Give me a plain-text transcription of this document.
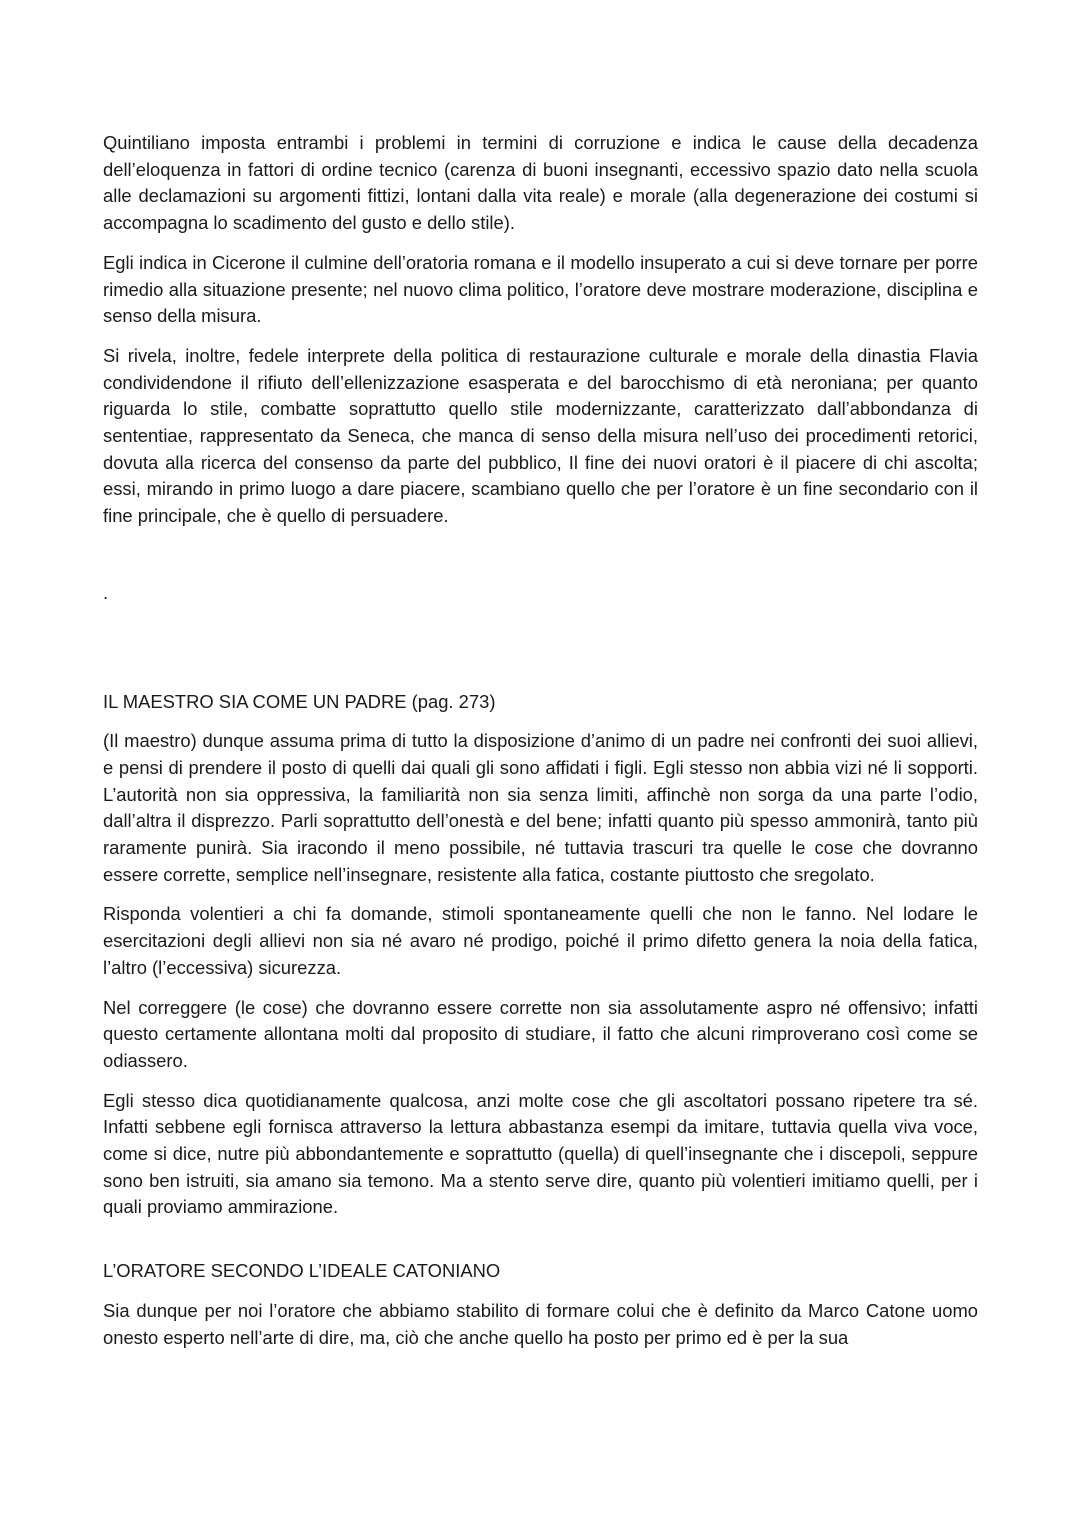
Quintiliano imposta entrambi i problemi in termini di corruzione e indica le cause della decadenza dell’eloquenza in fattori di ordine tecnico (carenza di buoni insegnanti, eccessivo spazio dato nella scuola alle declamazioni su argomenti fittizi, lontani dalla vita reale) e morale (alla degenerazione dei costumi si accompagna lo scadimento del gusto e dello stile).

Egli indica in Cicerone il culmine dell’oratoria romana e il modello insuperato a cui si deve tornare per porre rimedio alla situazione presente; nel nuovo clima politico, l’oratore deve mostrare moderazione, disciplina e senso della misura.

Si rivela, inoltre, fedele interprete della politica di restaurazione culturale e morale della dinastia Flavia condividendone il rifiuto dell’ellenizzazione esasperata e del barocchismo di età neroniana; per quanto riguarda lo stile, combatte soprattutto quello stile modernizzante, caratterizzato dall’abbondanza di sententiae, rappresentato da Seneca, che manca di senso della misura nell’uso dei procedimenti retorici, dovuta alla ricerca del consenso da parte del pubblico, Il fine dei nuovi oratori è il piacere di chi ascolta; essi, mirando in primo luogo a dare piacere, scambiano quello che per l’oratore è un fine secondario con il fine principale, che è quello di persuadere.

.
IL MAESTRO SIA COME UN PADRE (pag. 273)

(Il maestro) dunque assuma prima di tutto la disposizione d’animo di un padre nei confronti dei suoi allievi, e pensi di prendere il posto di quelli dai quali gli sono affidati i figli. Egli stesso non abbia vizi né li sopporti. L’autorità non sia oppressiva, la familiarità non sia senza limiti, affinchè non sorga da una parte l’odio, dall’altra il disprezzo. Parli soprattutto dell’onestà e del bene; infatti quanto più spesso ammonirà, tanto più raramente punirà. Sia iracondo il meno possibile, né tuttavia trascuri tra quelle le cose che dovranno essere corrette, semplice nell’insegnare, resistente alla fatica, costante piuttosto che sregolato.

Risponda volentieri a chi fa domande, stimoli spontaneamente quelli che non le fanno. Nel lodare le esercitazioni degli allievi non sia né avaro né prodigo, poiché il primo difetto genera la noia della fatica, l’altro (l’eccessiva) sicurezza.

Nel correggere (le cose) che dovranno essere corrette non sia assolutamente aspro né offensivo; infatti questo certamente allontana molti dal proposito di studiare, il fatto che alcuni rimproverano così come se odiassero.

Egli stesso dica quotidianamente qualcosa, anzi molte cose che gli ascoltatori possano ripetere tra sé. Infatti sebbene egli fornisca attraverso la lettura abbastanza esempi da imitare, tuttavia quella viva voce, come si dice, nutre più abbondantemente e soprattutto (quella) di quell’insegnante che i discepoli, seppure sono ben istruiti, sia amano sia temono. Ma a stento serve dire, quanto più volentieri imitiamo quelli, per i quali proviamo ammirazione.

L’ORATORE SECONDO L’IDEALE CATONIANO

Sia dunque per noi l’oratore che abbiamo stabilito di formare colui che è definito da Marco Catone uomo onesto esperto nell’arte di dire, ma, ciò che anche quello ha posto per primo ed è per la sua
